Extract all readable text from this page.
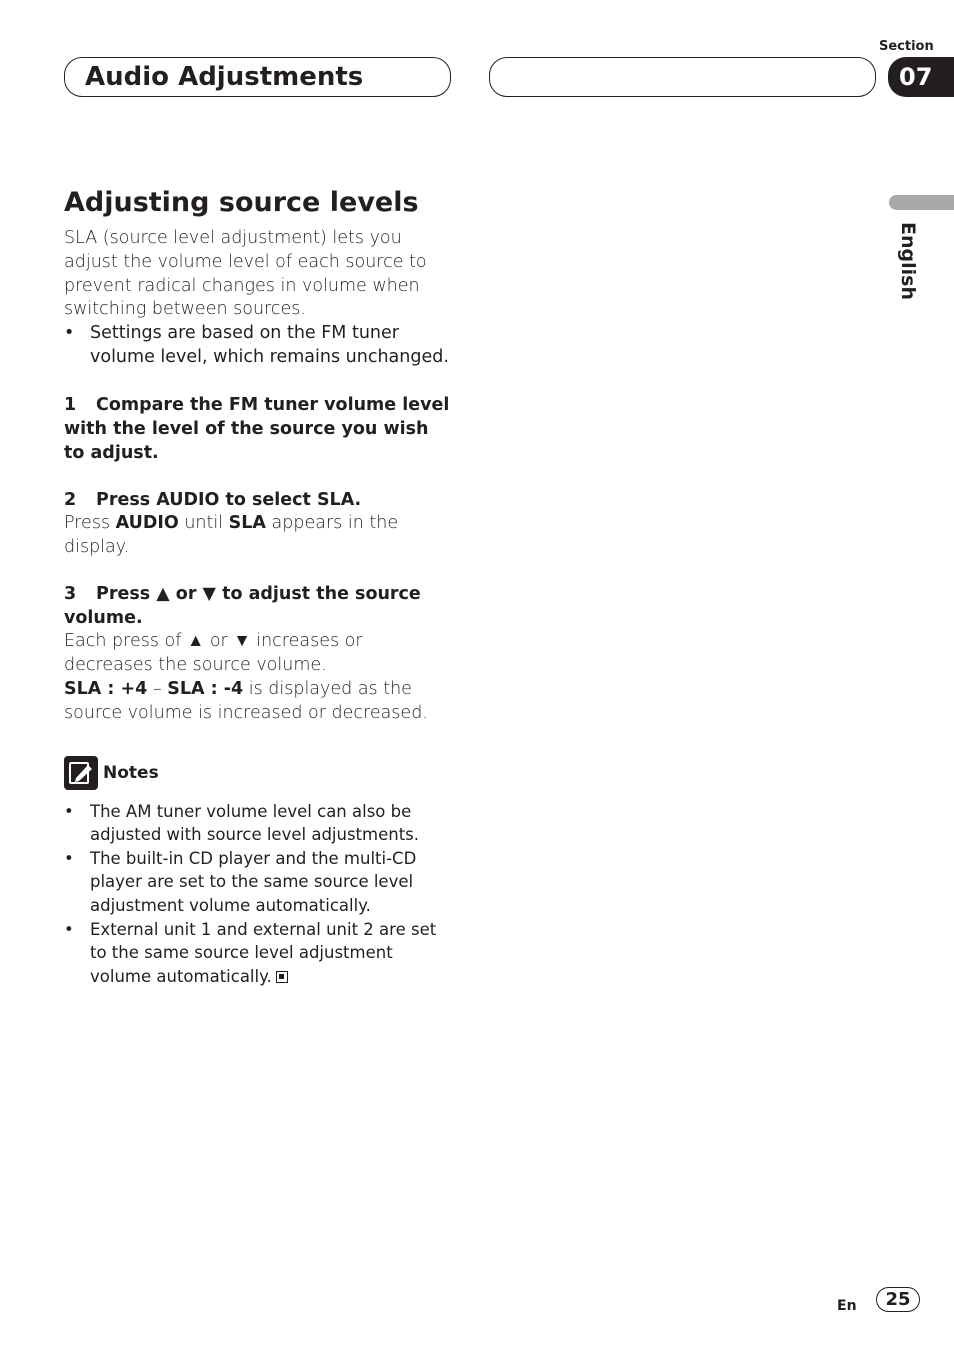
Audio Adjustments
Section
07
English
Adjusting source levels

SLA (source level adjustment) lets you adjust the volume level of each source to prevent radical changes in volume when switching between sources.

• Settings are based on the FM tuner volume level, which remains unchanged.
1 Compare the FM tuner volume level with the level of the source you wish to adjust.
2 Press AUDIO to select SLA.

Press AUDIO until SLA appears in the display.

3 Press ▲ or ▼ to adjust the source volume.

Each press of ▲ or ▼ increases or decreases the source volume.

SLA : +4 – SLA : -4 is displayed as the source volume is increased or decreased.

Notes
• The AM tuner volume level can also be adjusted with source level adjustments.
• The built-in CD player and the multi-CD player are set to the same source level adjustment volume automatically.
• External unit 1 and external unit 2 are set to the same source level adjustment volume automatically.
En	25
